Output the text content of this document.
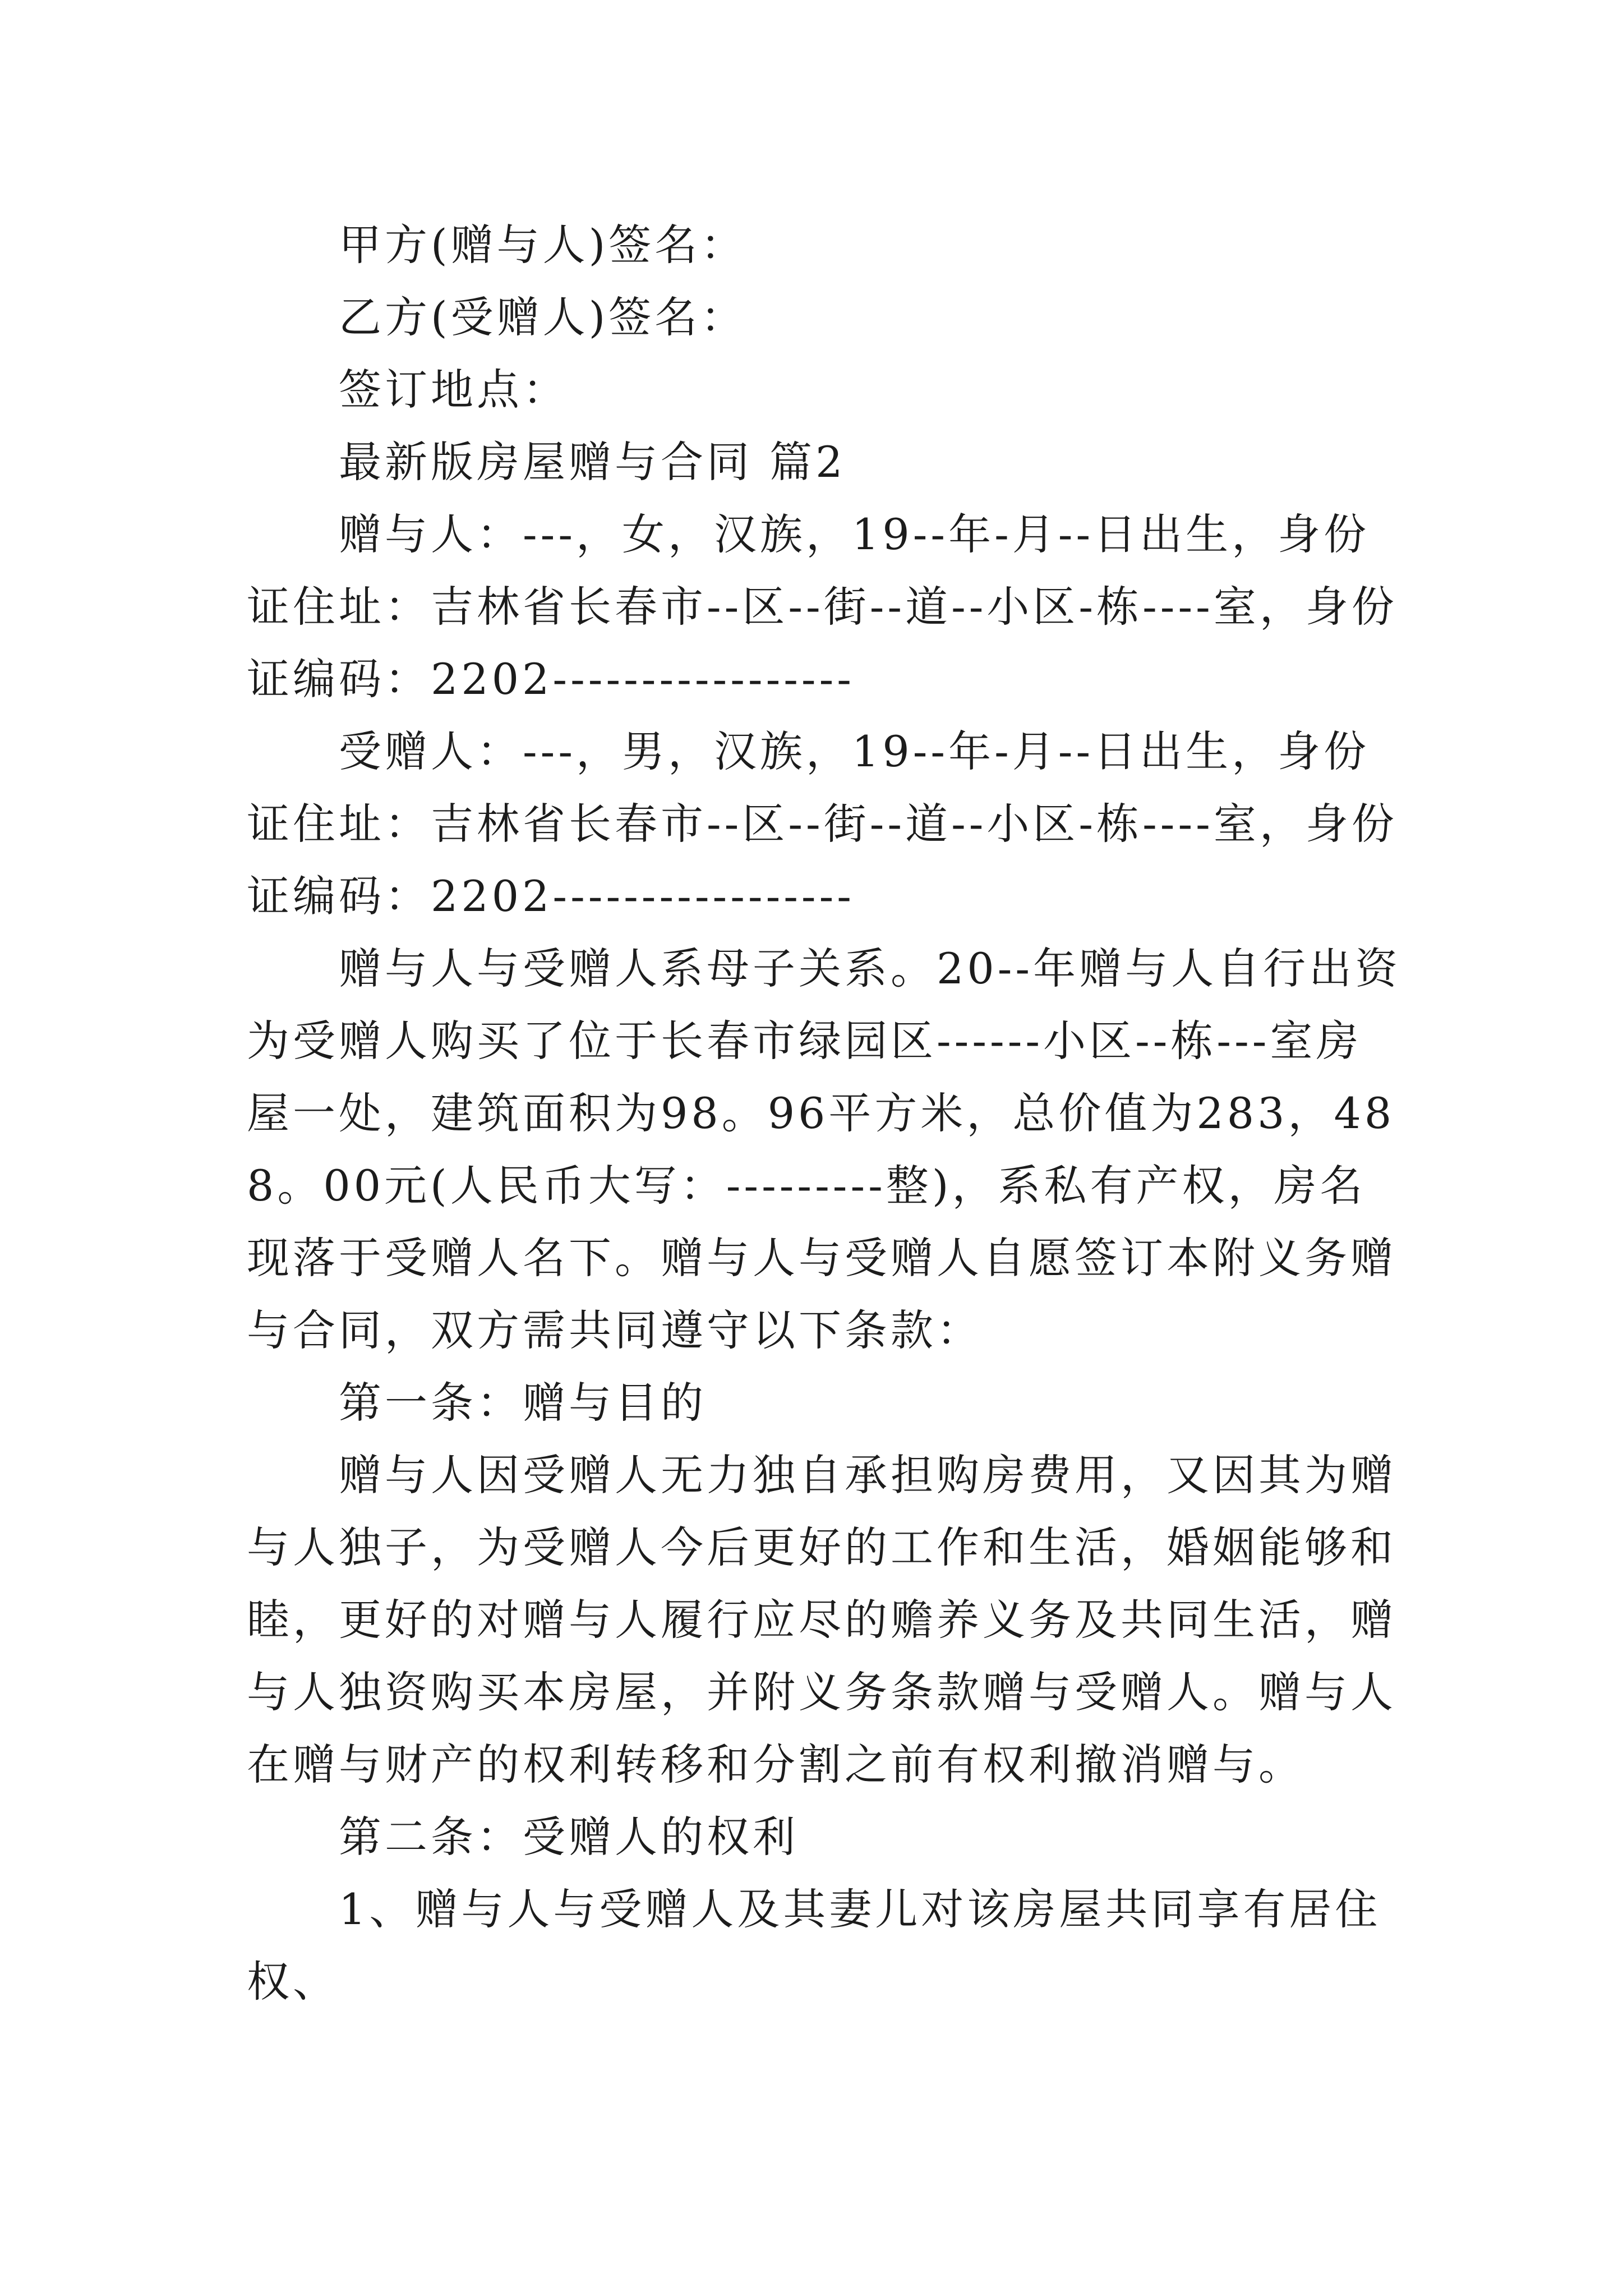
甲方(赠与人)签名：

乙方(受赠人)签名：

签订地点：

最新版房屋赠与合同 篇2

赠与人：---，女，汉族，19--年-月--日出生，身份证住址：吉林省长春市--区--街--道--小区-栋----室，身份证编码：2202-----------------

受赠人：---，男，汉族，19--年-月--日出生，身份证住址：吉林省长春市--区--街--道--小区-栋----室，身份证编码：2202-----------------

赠与人与受赠人系母子关系。20--年赠与人自行出资为受赠人购买了位于长春市绿园区------小区--栋---室房屋一处，建筑面积为98。96平方米，总价值为283，488。00元(人民币大写：---------整)，系私有产权，房名现落于受赠人名下。赠与人与受赠人自愿签订本附义务赠与合同，双方需共同遵守以下条款：

第一条：赠与目的

赠与人因受赠人无力独自承担购房费用，又因其为赠与人独子，为受赠人今后更好的工作和生活，婚姻能够和睦，更好的对赠与人履行应尽的赡养义务及共同生活，赠与人独资购买本房屋，并附义务条款赠与受赠人。赠与人在赠与财产的权利转移和分割之前有权利撤消赠与。

第二条：受赠人的权利

1、赠与人与受赠人及其妻儿对该房屋共同享有居住权、
